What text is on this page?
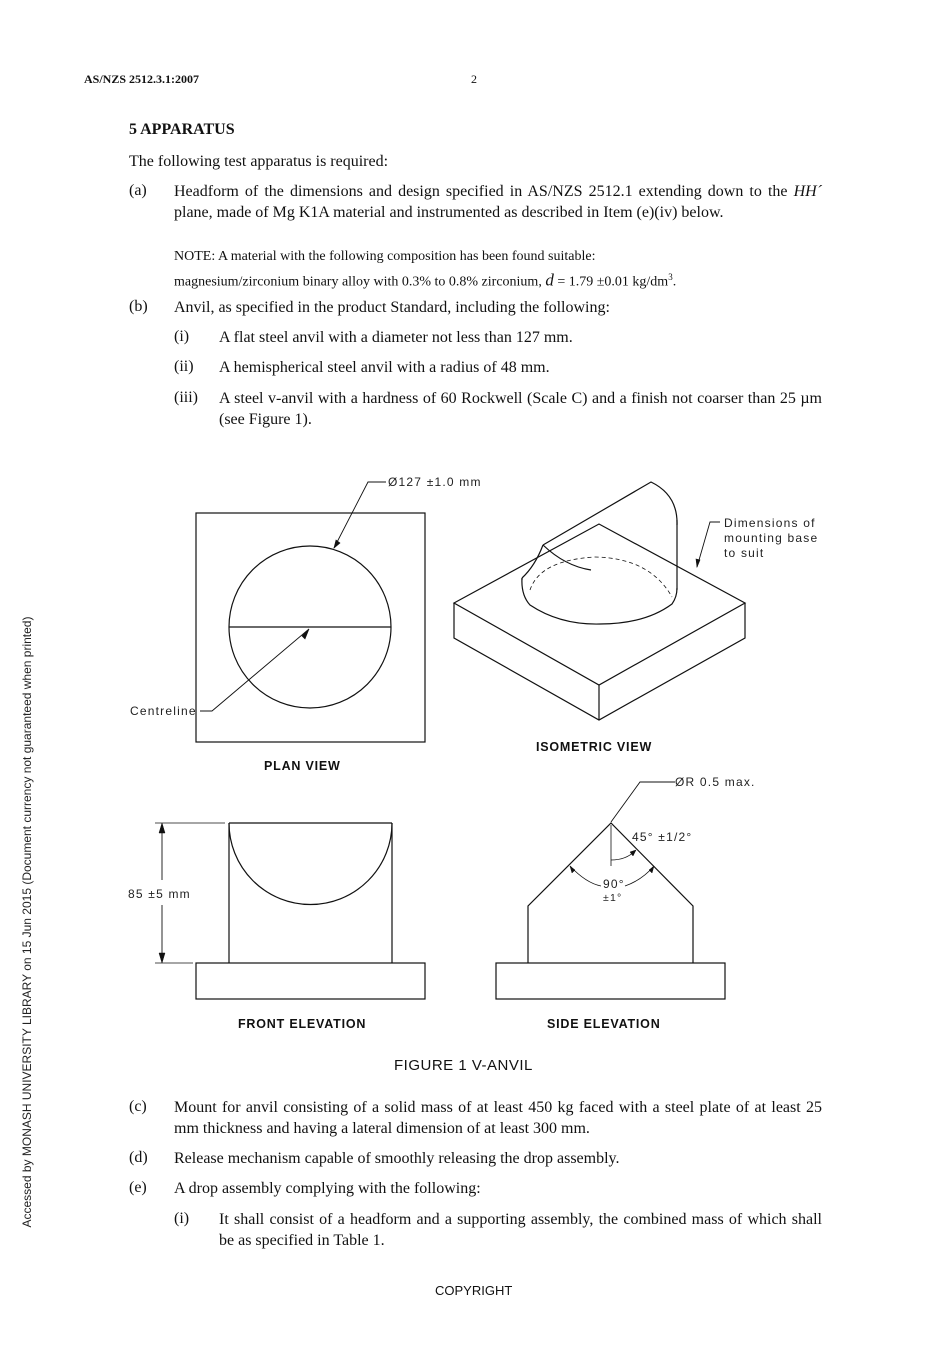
AS/NZS 2512.3.1:2007	2
Accessed by MONASH UNIVERSITY LIBRARY on 15 Jun 2015 (Document currency not guaranteed when printed)
5 APPARATUS
The following test apparatus is required:
(a) Headform of the dimensions and design specified in AS/NZS 2512.1 extending down to the HH´ plane, made of Mg K1A material and instrumented as described in Item (e)(iv) below.
NOTE: A material with the following composition has been found suitable:
magnesium/zirconium binary alloy with 0.3% to 0.8% zirconium, d = 1.79 ±0.01 $kg/dm^3$.
(b) Anvil, as specified in the product Standard, including the following:
(i) A flat steel anvil with a diameter not less than 127 mm.
(ii) A hemispherical steel anvil with a radius of 48 mm.
(iii) A steel v-anvil with a hardness of 60 Rockwell (Scale C) and a finish not coarser than 25 µm (see Figure 1).
Ø127 ±1.0 mm
Centreline
Dimensions of
mounting base
to suit
ØR 0.5 max.
45° ±1/2°
90°
±1°
85 ±5 mm
PLAN VIEW
ISOMETRIC VIEW
FRONT ELEVATION	SIDE ELEVATION
FIGURE 1 V-ANVIL
(c) Mount for anvil consisting of a solid mass of at least 450 kg faced with a steel plate of at least 25 mm thickness and having a lateral dimension of at least 300 mm.
(d) Release mechanism capable of smoothly releasing the drop assembly.
(e) A drop assembly complying with the following:
(i) It shall consist of a headform and a supporting assembly, the combined mass of which shall be as specified in Table 1.
COPYRIGHT
